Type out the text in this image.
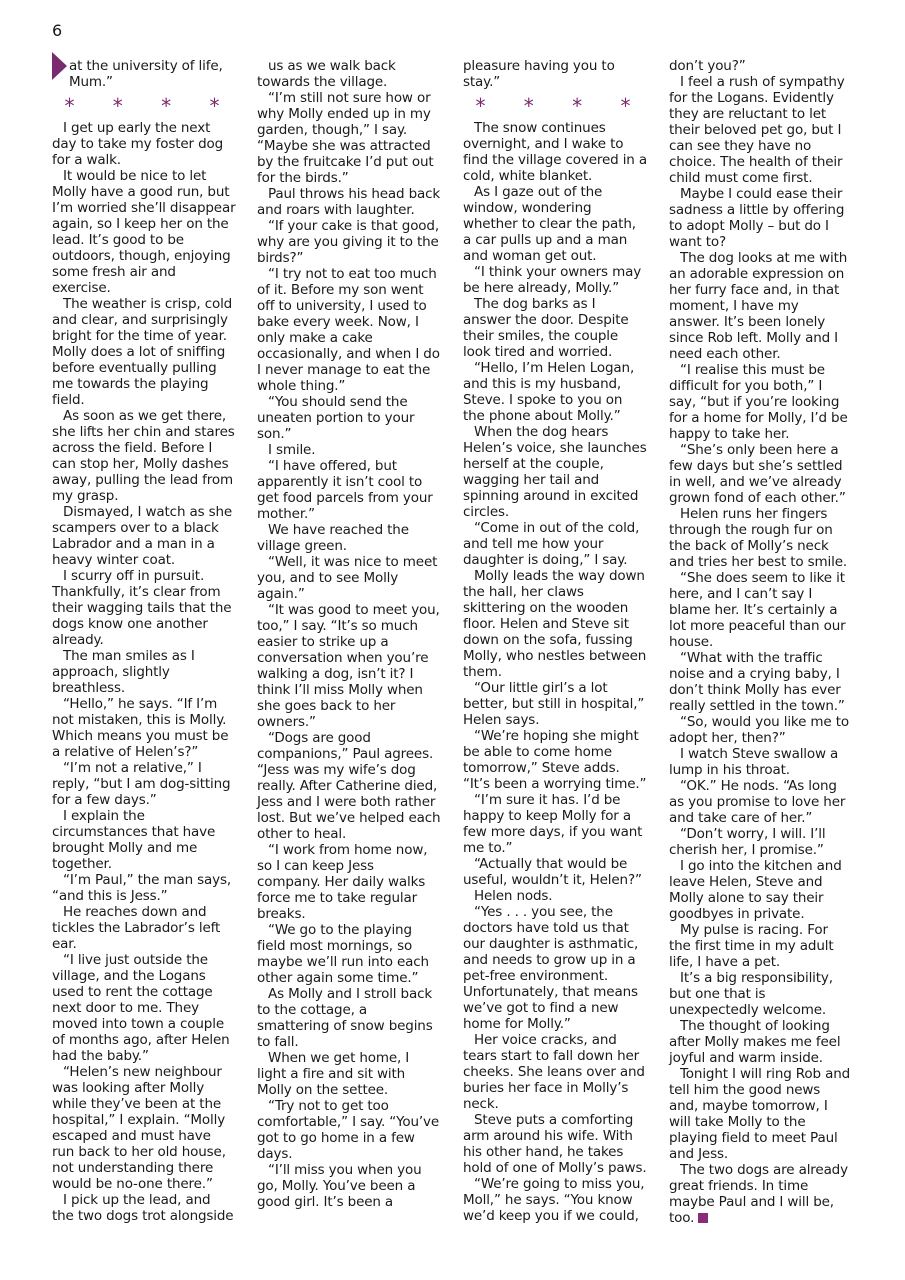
6

at the university of life, Mum.”

* * * *

I get up early the next day to take my foster dog for a walk.

It would be nice to let Molly have a good run, but I’m worried she’ll disappear again, so I keep her on the lead. It’s good to be outdoors, though, enjoying some fresh air and exercise.

The weather is crisp, cold and clear, and surprisingly bright for the time of year. Molly does a lot of sniffing before eventually pulling me towards the playing field.

As soon as we get there, she lifts her chin and stares across the field. Before I can stop her, Molly dashes away, pulling the lead from my grasp.

Dismayed, I watch as she scampers over to a black Labrador and a man in a heavy winter coat.

I scurry off in pursuit. Thankfully, it’s clear from their wagging tails that the dogs know one another already.

The man smiles as I approach, slightly breathless.

“Hello,” he says. “If I’m not mistaken, this is Molly. Which means you must be a relative of Helen’s?”

“I’m not a relative,” I reply, “but I am dog-sitting for a few days.”

I explain the circumstances that have brought Molly and me together.

“I’m Paul,” the man says, “and this is Jess.”

He reaches down and tickles the Labrador’s left ear.

“I live just outside the village, and the Logans used to rent the cottage next door to me. They moved into town a couple of months ago, after Helen had the baby.”

“Helen’s new neighbour was looking after Molly while they’ve been at the hospital,” I explain. “Molly escaped and must have run back to her old house, not understanding there would be no-one there.”

I pick up the lead, and the two dogs trot alongside

us as we walk back towards the village.

“I’m still not sure how or why Molly ended up in my garden, though,” I say. “Maybe she was attracted by the fruitcake I’d put out for the birds.”

Paul throws his head back and roars with laughter.

“If your cake is that good, why are you giving it to the birds?”

“I try not to eat too much of it. Before my son went off to university, I used to bake every week. Now, I only make a cake occasionally, and when I do I never manage to eat the whole thing.”

“You should send the uneaten portion to your son.”

I smile.

“I have offered, but apparently it isn’t cool to get food parcels from your mother.”

We have reached the village green.

“Well, it was nice to meet you, and to see Molly again.”

“It was good to meet you, too,” I say. “It’s so much easier to strike up a conversation when you’re walking a dog, isn’t it? I think I’ll miss Molly when she goes back to her owners.”

“Dogs are good companions,” Paul agrees. “Jess was my wife’s dog really. After Catherine died, Jess and I were both rather lost. But we’ve helped each other to heal.

“I work from home now, so I can keep Jess company. Her daily walks force me to take regular breaks.

“We go to the playing field most mornings, so maybe we’ll run into each other again some time.”

As Molly and I stroll back to the cottage, a smattering of snow begins to fall.

When we get home, I light a fire and sit with Molly on the settee.

“Try not to get too comfortable,” I say. “You’ve got to go home in a few days.

“I’ll miss you when you go, Molly. You’ve been a good girl. It’s been a

pleasure having you to stay.”

* * * *

The snow continues overnight, and I wake to find the village covered in a cold, white blanket.

As I gaze out of the window, wondering whether to clear the path, a car pulls up and a man and woman get out.

“I think your owners may be here already, Molly.”

The dog barks as I answer the door. Despite their smiles, the couple look tired and worried.

“Hello, I’m Helen Logan, and this is my husband, Steve. I spoke to you on the phone about Molly.”

When the dog hears Helen’s voice, she launches herself at the couple, wagging her tail and spinning around in excited circles.

“Come in out of the cold, and tell me how your daughter is doing,” I say.

Molly leads the way down the hall, her claws skittering on the wooden floor. Helen and Steve sit down on the sofa, fussing Molly, who nestles between them.

“Our little girl’s a lot better, but still in hospital,” Helen says.

“We’re hoping she might be able to come home tomorrow,” Steve adds. “It’s been a worrying time.”

“I’m sure it has. I’d be happy to keep Molly for a few more days, if you want me to.”

“Actually that would be useful, wouldn’t it, Helen?”

Helen nods.

“Yes . . . you see, the doctors have told us that our daughter is asthmatic, and needs to grow up in a pet-free environment. Unfortunately, that means we’ve got to find a new home for Molly.”

Her voice cracks, and tears start to fall down her cheeks. She leans over and buries her face in Molly’s neck.

Steve puts a comforting arm around his wife. With his other hand, he takes hold of one of Molly’s paws.

“We’re going to miss you, Moll,” he says. “You know we’d keep you if we could,

don’t you?”

I feel a rush of sympathy for the Logans. Evidently they are reluctant to let their beloved pet go, but I can see they have no choice. The health of their child must come first.

Maybe I could ease their sadness a little by offering to adopt Molly – but do I want to?

The dog looks at me with an adorable expression on her furry face and, in that moment, I have my answer. It’s been lonely since Rob left. Molly and I need each other.

“I realise this must be difficult for you both,” I say, “but if you’re looking for a home for Molly, I’d be happy to take her.

“She’s only been here a few days but she’s settled in well, and we’ve already grown fond of each other.”

Helen runs her fingers through the rough fur on the back of Molly’s neck and tries her best to smile.

“She does seem to like it here, and I can’t say I blame her. It’s certainly a lot more peaceful than our house.

“What with the traffic noise and a crying baby, I don’t think Molly has ever really settled in the town.”

“So, would you like me to adopt her, then?”

I watch Steve swallow a lump in his throat.

“OK.” He nods. “As long as you promise to love her and take care of her.”

“Don’t worry, I will. I’ll cherish her, I promise.”

I go into the kitchen and leave Helen, Steve and Molly alone to say their goodbyes in private.

My pulse is racing. For the first time in my adult life, I have a pet.

It’s a big responsibility, but one that is unexpectedly welcome.

The thought of looking after Molly makes me feel joyful and warm inside.

Tonight I will ring Rob and tell him the good news and, maybe tomorrow, I will take Molly to the playing field to meet Paul and Jess.

The two dogs are already great friends. In time maybe Paul and I will be, too.
